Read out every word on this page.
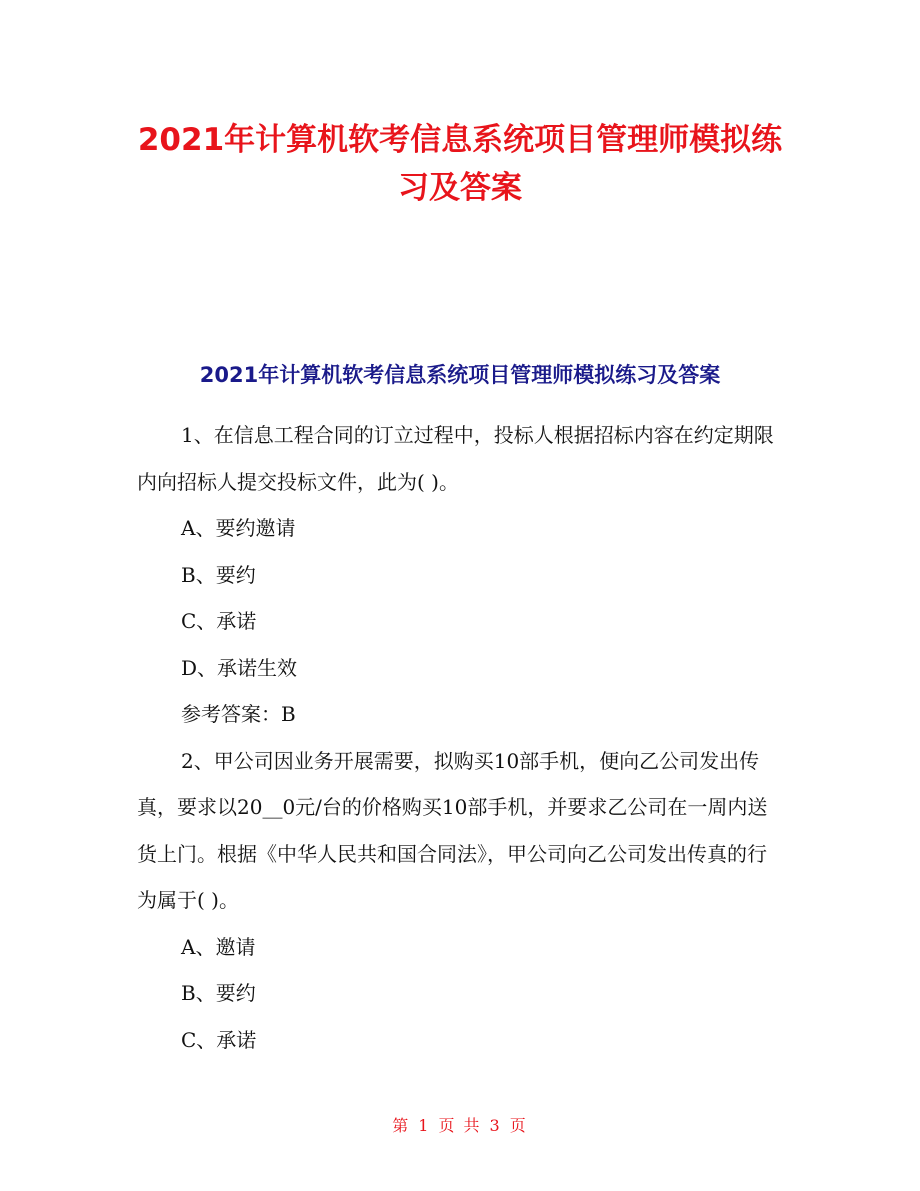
2021年计算机软考信息系统项目管理师模拟练
习及答案
2021年计算机软考信息系统项目管理师模拟练习及答案

1、在信息工程合同的订立过程中，投标人根据招标内容在约定期限内向招标人提交投标文件，此为( )。

A、要约邀请

B、要约

C、承诺

D、承诺生效

参考答案：B

2、甲公司因业务开展需要，拟购买10部手机，便向乙公司发出传真，要求以20__0元/台的价格购买10部手机，并要求乙公司在一周内送货上门。根据《中华人民共和国合同法》，甲公司向乙公司发出传真的行为属于( )。

A、邀请

B、要约

C、承诺

第 1 页 共 3 页
